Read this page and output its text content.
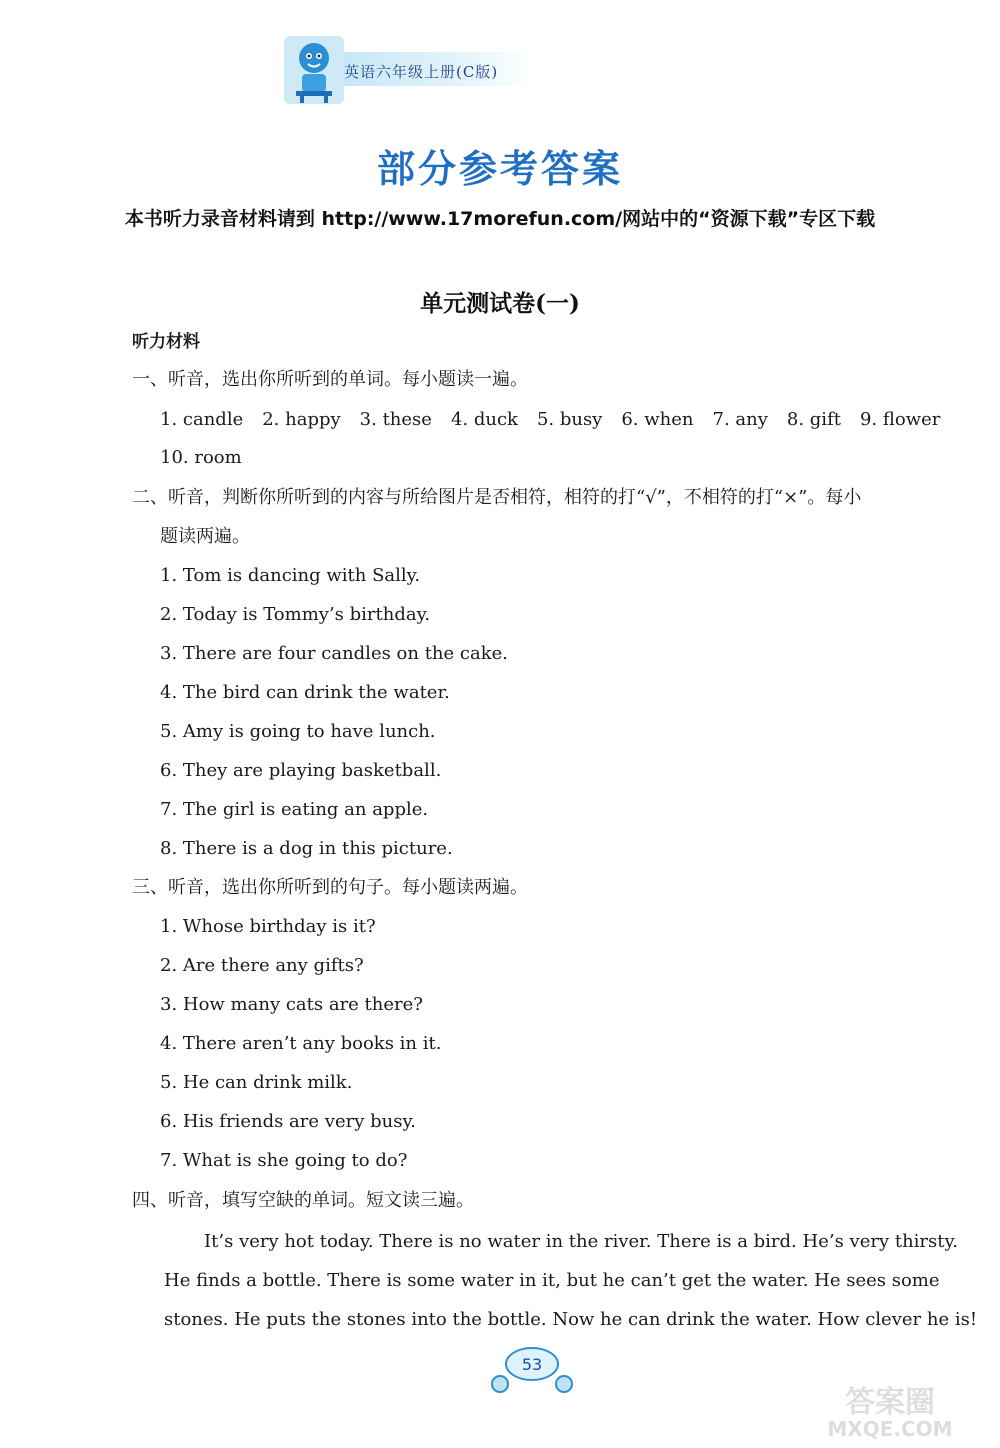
英语六年级上册(C版)
部分参考答案
本书听力录音材料请到 http://www.17morefun.com/网站中的“资源下载”专区下载
单元测试卷(一)
听力材料
一、听音，选出你所听到的单词。每小题读一遍。
1. candle 2. happy 3. these 4. duck 5. busy 6. when 7. any 8. gift 9. flower
10. room
二、听音，判断你所听到的内容与所给图片是否相符，相符的打“√”，不相符的打“×”。每小
题读两遍。
1. Tom is dancing with Sally.
2. Today is Tommy’s birthday.
3. There are four candles on the cake.
4. The bird can drink the water.
5. Amy is going to have lunch.
6. They are playing basketball.
7. The girl is eating an apple.
8. There is a dog in this picture.
三、听音，选出你所听到的句子。每小题读两遍。
1. Whose birthday is it?
2. Are there any gifts?
3. How many cats are there?
4. There aren’t any books in it.
5. He can drink milk.
6. His friends are very busy.
7. What is she going to do?
四、听音，填写空缺的单词。短文读三遍。
It’s very hot today. There is no water in the river. There is a bird. He’s very thirsty.
He finds a bottle. There is some water in it, but he can’t get the water. He sees some
stones. He puts the stones into the bottle. Now he can drink the water. How clever he is!
53
答案圈
MXQE.COM
